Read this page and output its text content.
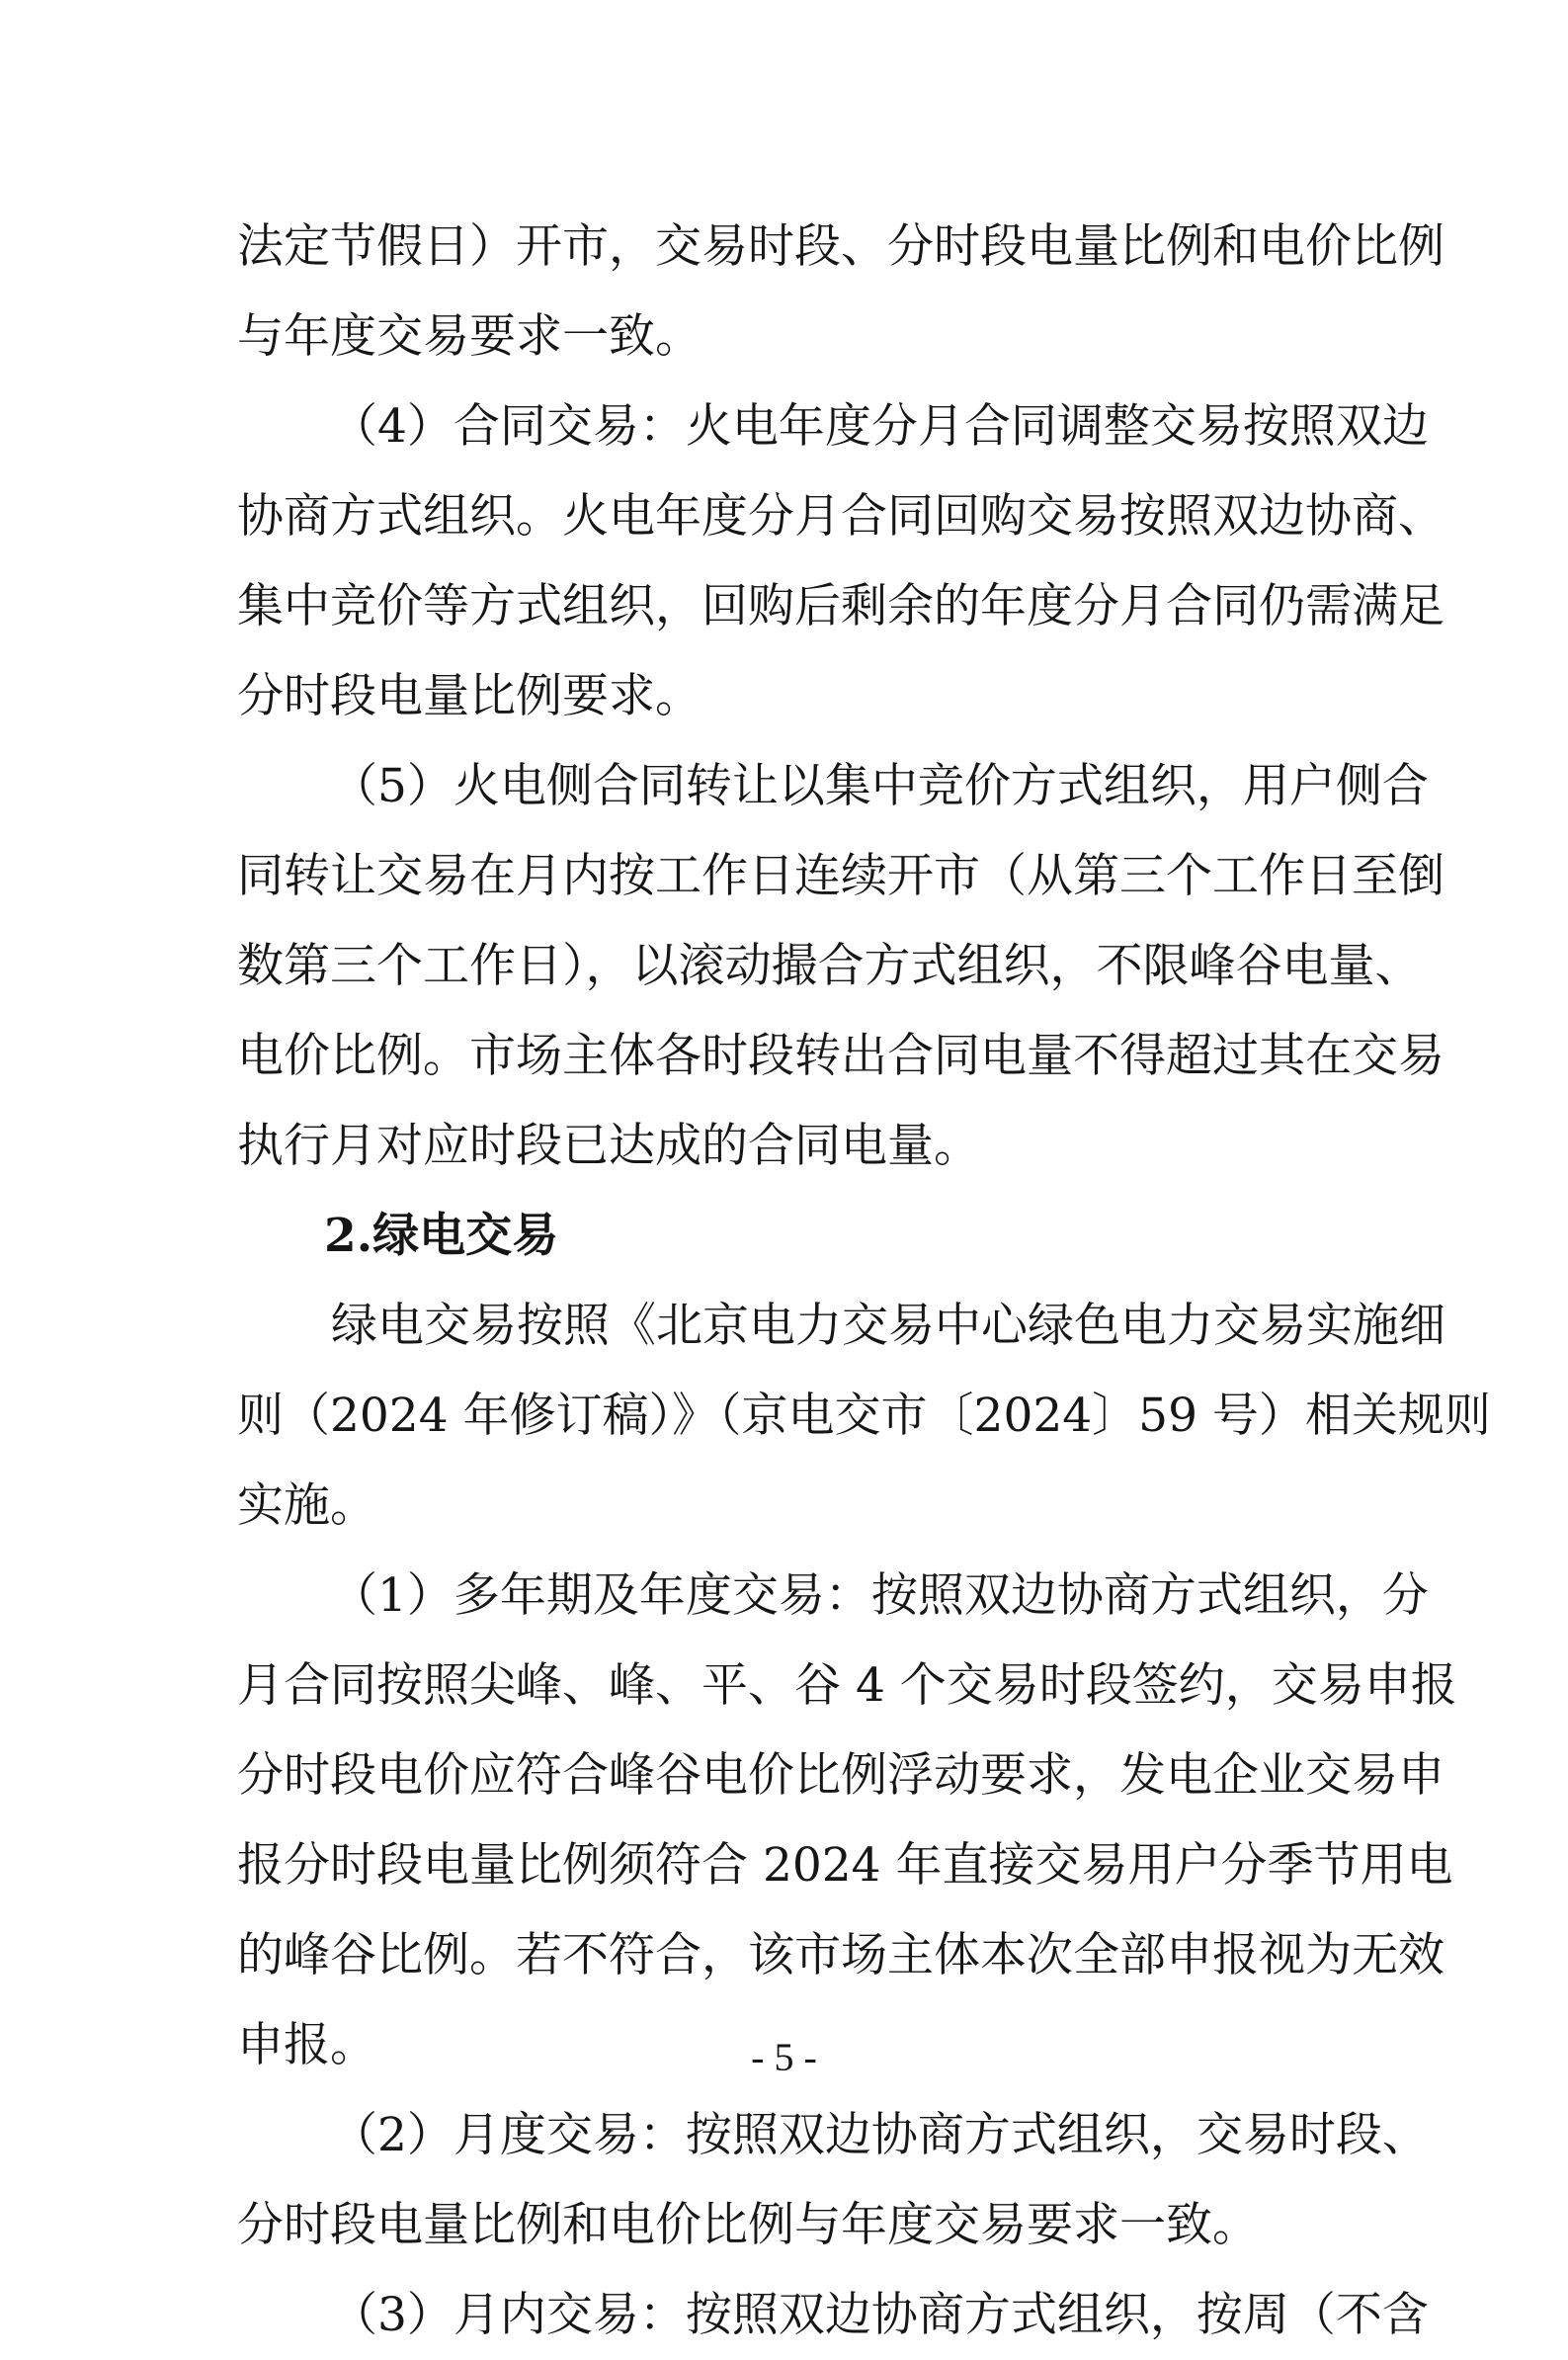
法定节假日）开市，交易时段、分时段电量比例和电价比例
与年度交易要求一致。
（4）合同交易：火电年度分月合同调整交易按照双边
协商方式组织。火电年度分月合同回购交易按照双边协商、
集中竞价等方式组织，回购后剩余的年度分月合同仍需满足
分时段电量比例要求。
（5）火电侧合同转让以集中竞价方式组织，用户侧合
同转让交易在月内按工作日连续开市（从第三个工作日至倒
数第三个工作日），以滚动撮合方式组织，不限峰谷电量、
电价比例。市场主体各时段转出合同电量不得超过其在交易
执行月对应时段已达成的合同电量。
2.绿电交易
绿电交易按照《北京电力交易中心绿色电力交易实施细
则（2024 年修订稿）》（京电交市〔2024〕59 号）相关规则
实施。
（1）多年期及年度交易：按照双边协商方式组织，分
月合同按照尖峰、峰、平、谷 4 个交易时段签约，交易申报
分时段电价应符合峰谷电价比例浮动要求，发电企业交易申
报分时段电量比例须符合 2024 年直接交易用户分季节用电
的峰谷比例。若不符合，该市场主体本次全部申报视为无效
申报。
（2）月度交易：按照双边协商方式组织，交易时段、
分时段电量比例和电价比例与年度交易要求一致。
（3）月内交易：按照双边协商方式组织，按周（不含
- 5 -
